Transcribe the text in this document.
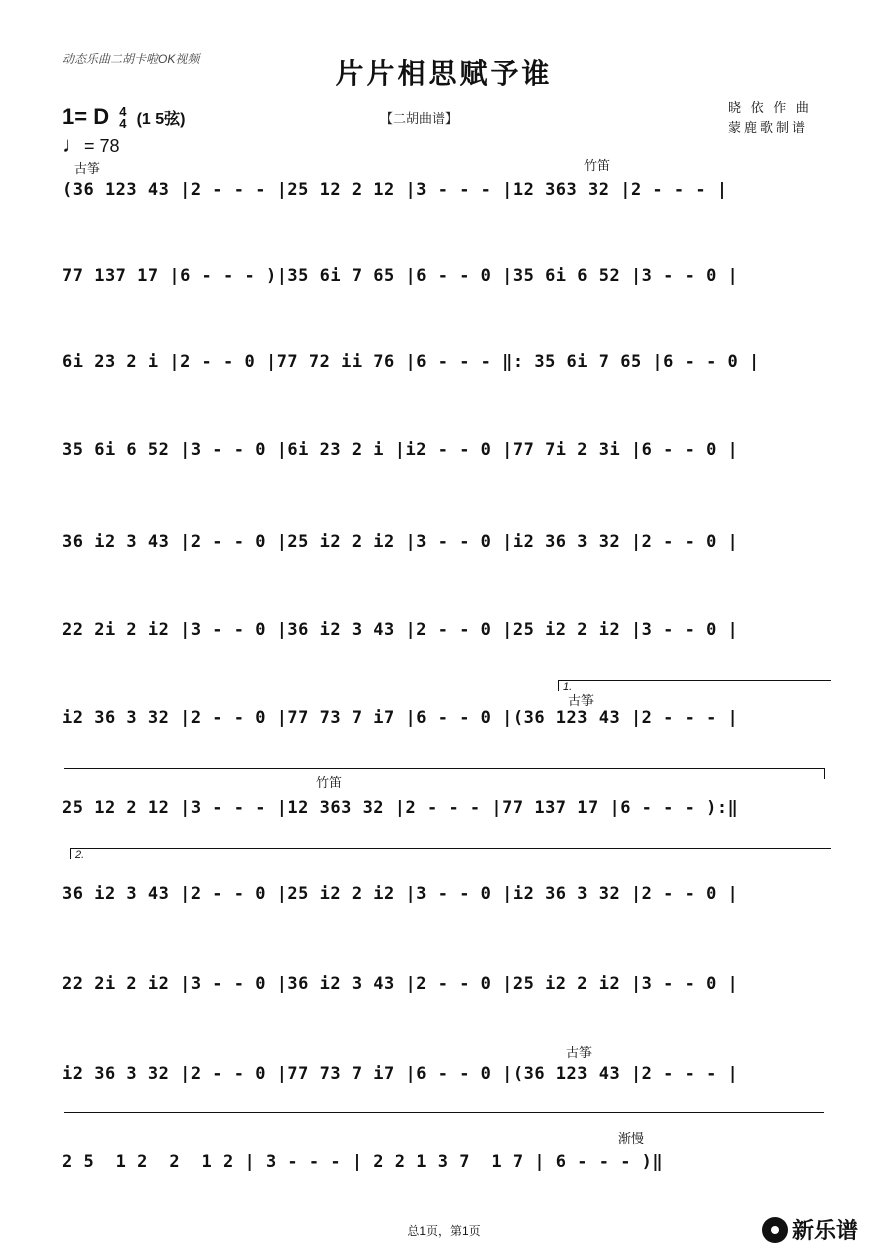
动态乐曲二胡卡啦OK视频	片片相思赋予谁
1= D 4
4 (1 5弦)
♩= 78
【二胡曲谱】
晓 依 作 曲
蒙鹿歌制谱
古筝	竹笛
古筝
竹笛
古筝
渐慢
1.
2.
(36 123 43 |2 - - - |25 12 2 12 |3 - - - |12 363 32 |2 - - - |
77 137 17 |6 - - - )|35 6i 7 65 |6 - - 0 |35 6i 6 52 |3 - - 0 |
6i 23 2 i |2 - - 0 |77 72 ii 76 |6 - - - ‖: 35 6i 7 65 |6 - - 0 |
35 6i 6 52 |3 - - 0 |6i 23 2 i |i2 - - 0 |77 7i 2 3i |6 - - 0 |
36 i2 3 43 |2 - - 0 |25 i2 2 i2 |3 - - 0 |i2 36 3 32 |2 - - 0 |
22 2i 2 i2 |3 - - 0 |36 i2 3 43 |2 - - 0 |25 i2 2 i2 |3 - - 0 |
i2 36 3 32 |2 - - 0 |77 73 7 i7 |6 - - 0 |(36 123 43 |2 - - - |
25 12 2 12 |3 - - - |12 363 32 |2 - - - |77 137 17 |6 - - - ):‖
36 i2 3 43 |2 - - 0 |25 i2 2 i2 |3 - - 0 |i2 36 3 32 |2 - - 0 |
22 2i 2 i2 |3 - - 0 |36 i2 3 43 |2 - - 0 |25 i2 2 i2 |3 - - 0 |
i2 36 3 32 |2 - - 0 |77 73 7 i7 |6 - - 0 |(36 123 43 |2 - - - |
2 5  1 2  2  1 2 | 3 - - - | 2 2 1 3 7  1 7 | 6 - - - )‖
总1页，第1页	新乐谱
